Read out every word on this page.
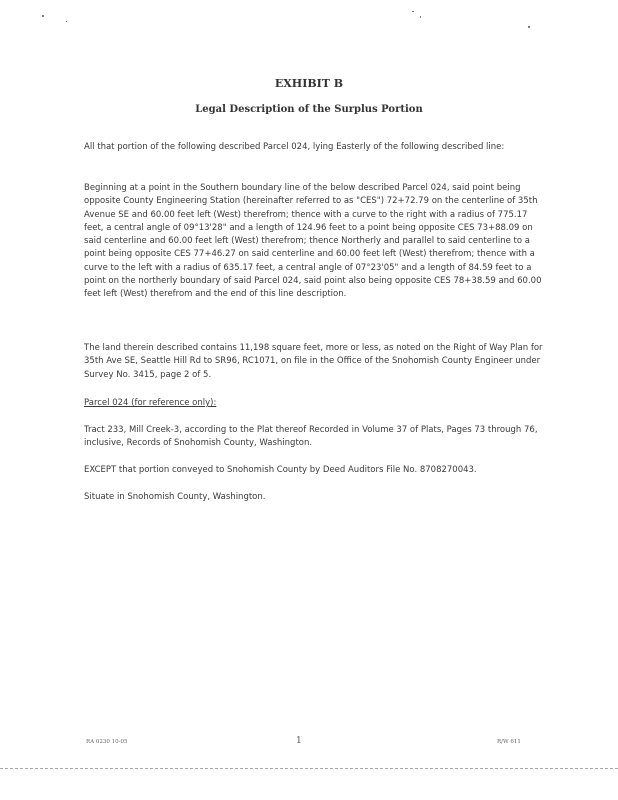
EXHIBIT B
Legal Description of the Surplus Portion

All that portion of the following described Parcel 024, lying Easterly of the following described line:

Beginning at a point in the Southern boundary line of the below described Parcel 024, said point being opposite County Engineering Station (hereinafter referred to as "CES") 72+72.79 on the centerline of 35th Avenue SE and 60.00 feet left (West) therefrom; thence with a curve to the right with a radius of 775.17 feet, a central angle of 09°13'28" and a length of 124.96 feet to a point being opposite CES 73+88.09 on said centerline and 60.00 feet left (West) therefrom; thence Northerly and parallel to said centerline to a point being opposite CES 77+46.27 on said centerline and 60.00 feet left (West) therefrom; thence with a curve to the left with a radius of 635.17 feet, a central angle of 07°23'05" and a length of 84.59 feet to a point on the northerly boundary of said Parcel 024, said point also being opposite CES 78+38.59 and 60.00 feet left (West) therefrom and the end of this line description.

The land therein described contains 11,198 square feet, more or less, as noted on the Right of Way Plan for 35th Ave SE, Seattle Hill Rd to SR96, RC1071, on file in the Office of the Snohomish County Engineer under Survey No. 3415, page 2 of 5.

Parcel 024 (for reference only):

Tract 233, Mill Creek-3, according to the Plat thereof Recorded in Volume 37 of Plats, Pages 73 through 76, inclusive, Records of Snohomish County, Washington.

EXCEPT that portion conveyed to Snohomish County by Deed Auditors File No. 8708270043.

Situate in Snohomish County, Washington.

RA 0230 10-05	1	R/W 611
